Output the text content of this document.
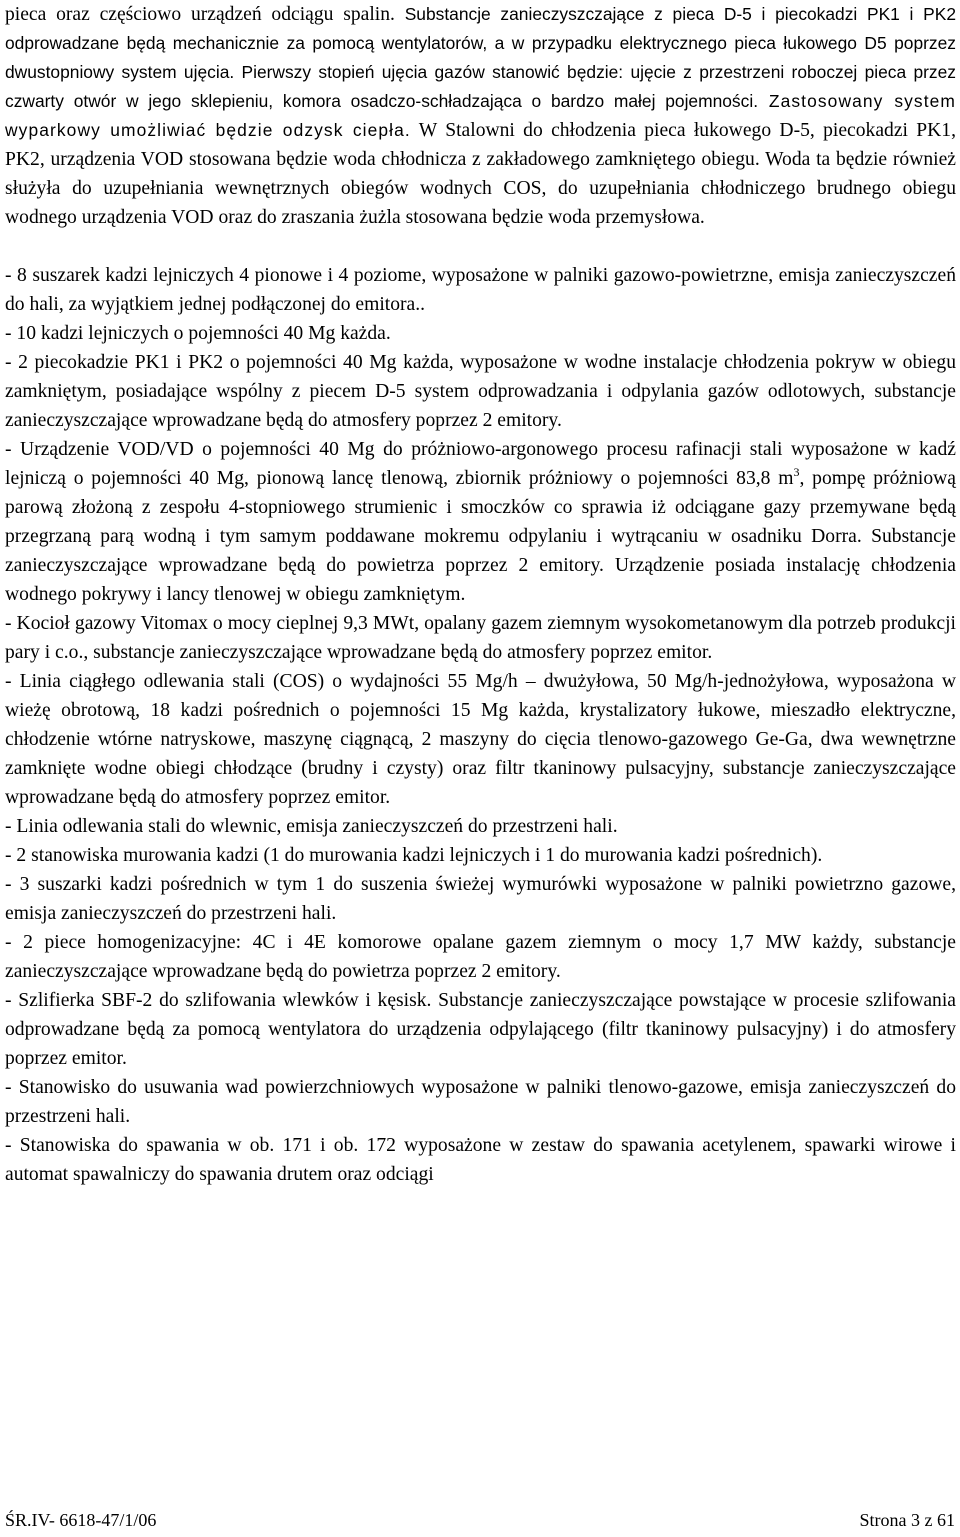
pieca oraz częściowo urządzeń odciągu spalin. Substancje zanieczyszczające z pieca D-5 i piecokadzi PK1 i PK2 odprowadzane będą mechanicznie za pomocą wentylatorów, a w przypadku elektrycznego pieca łukowego D5 poprzez dwustopniowy system ujęcia. Pierwszy stopień ujęcia gazów stanowić będzie: ujęcie z przestrzeni roboczej pieca przez czwarty otwór w jego sklepieniu, komora osadczo-schładzająca o bardzo małej pojemności. Zastosowany system wyparkowy umożliwiać będzie odzysk ciepła. W Stalowni do chłodzenia pieca łukowego D-5, piecokadzi PK1, PK2, urządzenia VOD stosowana będzie woda chłodnicza z zakładowego zamkniętego obiegu. Woda ta będzie również służyła do uzupełniania wewnętrznych obiegów wodnych COS, do uzupełniania chłodniczego brudnego obiegu wodnego urządzenia VOD oraz do zraszania żużla stosowana będzie woda przemysłowa.

- 8 suszarek kadzi lejniczych 4 pionowe i 4 poziome, wyposażone w palniki gazowo-powietrzne, emisja zanieczyszczeń do hali, za wyjątkiem jednej podłączonej do emitora..

- 10 kadzi lejniczych o pojemności 40 Mg każda.

- 2 piecokadzie PK1 i PK2 o pojemności 40 Mg każda, wyposażone w wodne instalacje chłodzenia pokryw w obiegu zamkniętym, posiadające wspólny z piecem D-5 system odprowadzania i odpylania gazów odlotowych, substancje zanieczyszczające wprowadzane będą do atmosfery poprzez 2 emitory.

- Urządzenie VOD/VD o pojemności 40 Mg do próżniowo-argonowego procesu rafinacji stali wyposażone w kadź lejniczą o pojemności 40 Mg, pionową lancę tlenową, zbiornik próżniowy o pojemności 83,8 $m^3$, pompę próżniową parową złożoną z zespołu 4-stopniowego strumienic i smoczków co sprawia iż odciągane gazy przemywane będą przegrzaną parą wodną i tym samym poddawane mokremu odpylaniu i wytrącaniu w osadniku Dorra. Substancje zanieczyszczające wprowadzane będą do powietrza poprzez 2 emitory. Urządzenie posiada instalację chłodzenia wodnego pokrywy i lancy tlenowej w obiegu zamkniętym.

- Kocioł gazowy Vitomax o mocy cieplnej 9,3 MWt, opalany gazem ziemnym wysokometanowym dla potrzeb produkcji pary i c.o., substancje zanieczyszczające wprowadzane będą do atmosfery poprzez emitor.

- Linia ciągłego odlewania stali (COS) o wydajności 55 Mg/h – dwużyłowa, 50 Mg/h-jednożyłowa, wyposażona w wieżę obrotową, 18 kadzi pośrednich o pojemności 15 Mg każda, krystalizatory łukowe, mieszadło elektryczne, chłodzenie wtórne natryskowe, maszynę ciągnącą, 2 maszyny do cięcia tlenowo-gazowego Ge-Ga, dwa wewnętrzne zamknięte wodne obiegi chłodzące (brudny i czysty) oraz filtr tkaninowy pulsacyjny, substancje zanieczyszczające wprowadzane będą do atmosfery poprzez emitor.

- Linia odlewania stali do wlewnic, emisja zanieczyszczeń do przestrzeni hali.

- 2 stanowiska murowania kadzi (1 do murowania kadzi lejniczych i 1 do murowania kadzi pośrednich).

- 3 suszarki kadzi pośrednich w tym 1 do suszenia świeżej wymurówki wyposażone w palniki powietrzno gazowe, emisja zanieczyszczeń do przestrzeni hali.

- 2 piece homogenizacyjne: 4C i 4E komorowe opalane gazem ziemnym o mocy 1,7 MW każdy, substancje zanieczyszczające wprowadzane będą do powietrza poprzez 2 emitory.

- Szlifierka SBF-2 do szlifowania wlewków i kęsisk. Substancje zanieczyszczające powstające w procesie szlifowania odprowadzane będą za pomocą wentylatora do urządzenia odpylającego (filtr tkaninowy pulsacyjny) i do atmosfery poprzez emitor.

- Stanowisko do usuwania wad powierzchniowych wyposażone w palniki tlenowo-gazowe, emisja zanieczyszczeń do przestrzeni hali.

- Stanowiska do spawania w ob. 171 i ob. 172 wyposażone w zestaw do spawania acetylenem, spawarki wirowe i automat spawalniczy do spawania drutem oraz odciągi

ŚR.IV- 6618-47/1/06	Strona 3 z 61
